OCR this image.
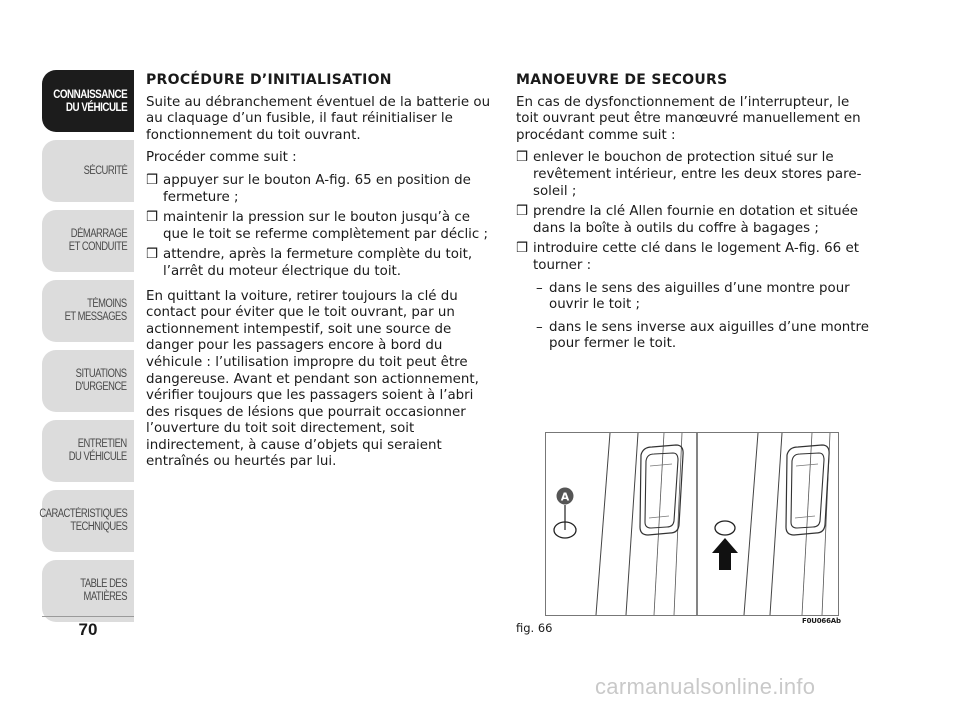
CONNAISSANCE
DU VÉHICULE
SÉCURITÉ
DÉMARRAGE
ET CONDUITE
TÉMOINS
ET MESSAGES
SITUATIONS
D'URGENCE
ENTRETIEN
DU VÉHICULE
CARACTÉRISTIQUES
TECHNIQUES
TABLE DES
MATIÈRES
70
PROCÉDURE D’INITIALISATION

Suite au débranchement éventuel de la batterie ou au claquage d’un fusible, il faut réinitialiser le fonctionnement du toit ouvrant.

Procéder comme suit :

❒ appuyer sur le bouton A-fig. 65 en position de fermeture ;
❒ maintenir la pression sur le bouton jusqu’à ce que le toit se referme complètement par déclic ;
❒ attendre, après la fermeture complète du toit, l’arrêt du moteur électrique du toit.

En quittant la voiture, retirer toujours la clé du contact pour éviter que le toit ouvrant, par un actionnement intempestif, soit une source de danger pour les passagers encore à bord du véhicule : l’utilisation impropre du toit peut être dangereuse. Avant et pendant son actionnement, vérifier toujours que les passagers soient à l’abri des risques de lésions que pourrait occasionner l’ouverture du toit soit directement, soit indirectement, à cause d’objets qui seraient entraînés ou heurtés par lui.

MANOEUVRE DE SECOURS

En cas de dysfonctionnement de l’interrupteur, le toit ouvrant peut être manœuvré manuellement en procédant comme suit :

❒ enlever le bouchon de protection situé sur le revêtement intérieur, entre les deux stores pare-soleil ;
❒ prendre la clé Allen fournie en dotation et située dans la boîte à outils du coffre à bagages ;
❒ introduire cette clé dans le logement A-fig. 66 et tourner :
– dans le sens des aiguilles d’une montre pour ouvrir le toit ;
– dans le sens inverse aux aiguilles d’une montre pour fermer le toit.
A
fig. 66	F0U066Ab
carmanualsonline.info
